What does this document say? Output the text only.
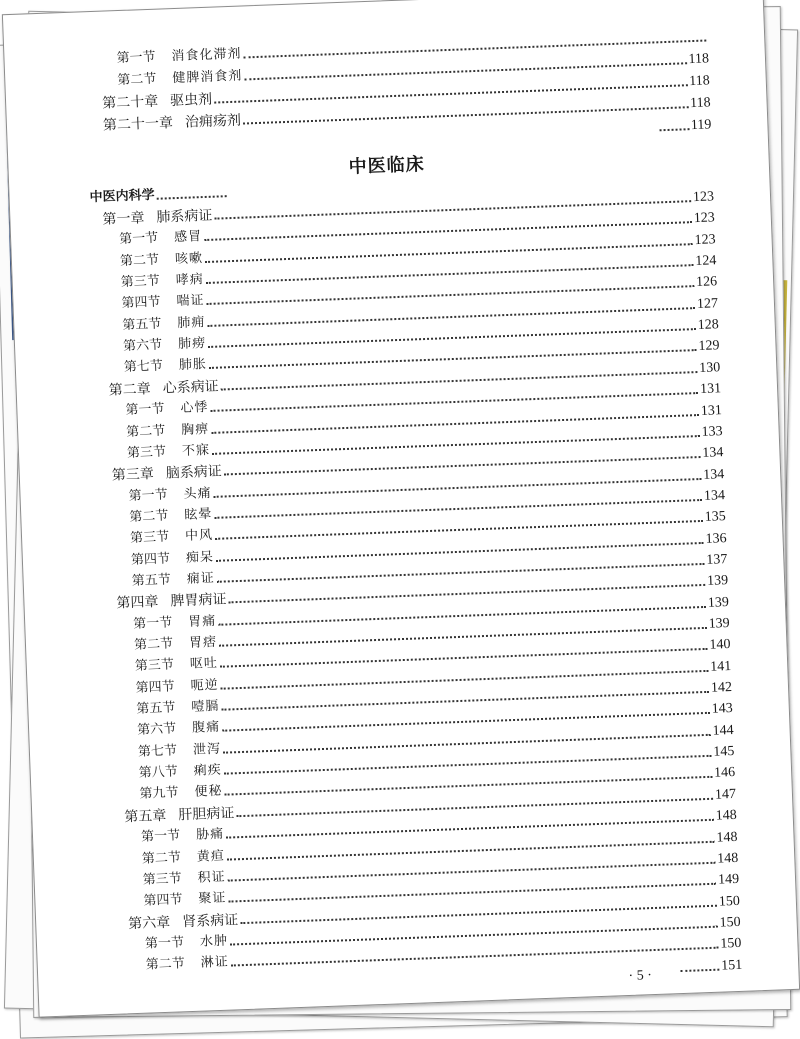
中医临床
· 5 ·
第一节 消食化滞剂
第二节 健脾消食剂
118
第二十章 驱虫剂
118
第二十一章 治痈疡剂
118
119
中医内科学
第一章 肺系病证
123
第一节 感冒
123
第二节 咳嗽
123
第三节 哮病
124
第四节 喘证
126
第五节 肺痈
127
第六节 肺痨
128
第七节 肺胀
129
第二章 心系病证
130
第一节 心悸
131
第二节 胸痹
131
第三节 不寐
133
第三章 脑系病证
134
第一节 头痛
134
第二节 眩晕
134
第三节 中风
135
第四节 痴呆
136
第五节 痫证
137
第四章 脾胃病证
139
第一节 胃痛
139
第二节 胃痞
139
第三节 呕吐
140
第四节 呃逆
141
第五节 噎膈
142
第六节 腹痛
143
第七节 泄泻
144
第八节 痢疾
145
第九节 便秘
146
第五章 肝胆病证
147
第一节 胁痛
148
第二节 黄疸
148
第三节 积证
148
第四节 聚证
149
第六章 肾系病证
150
第一节 水肿
150
第二节 淋证
150
151
